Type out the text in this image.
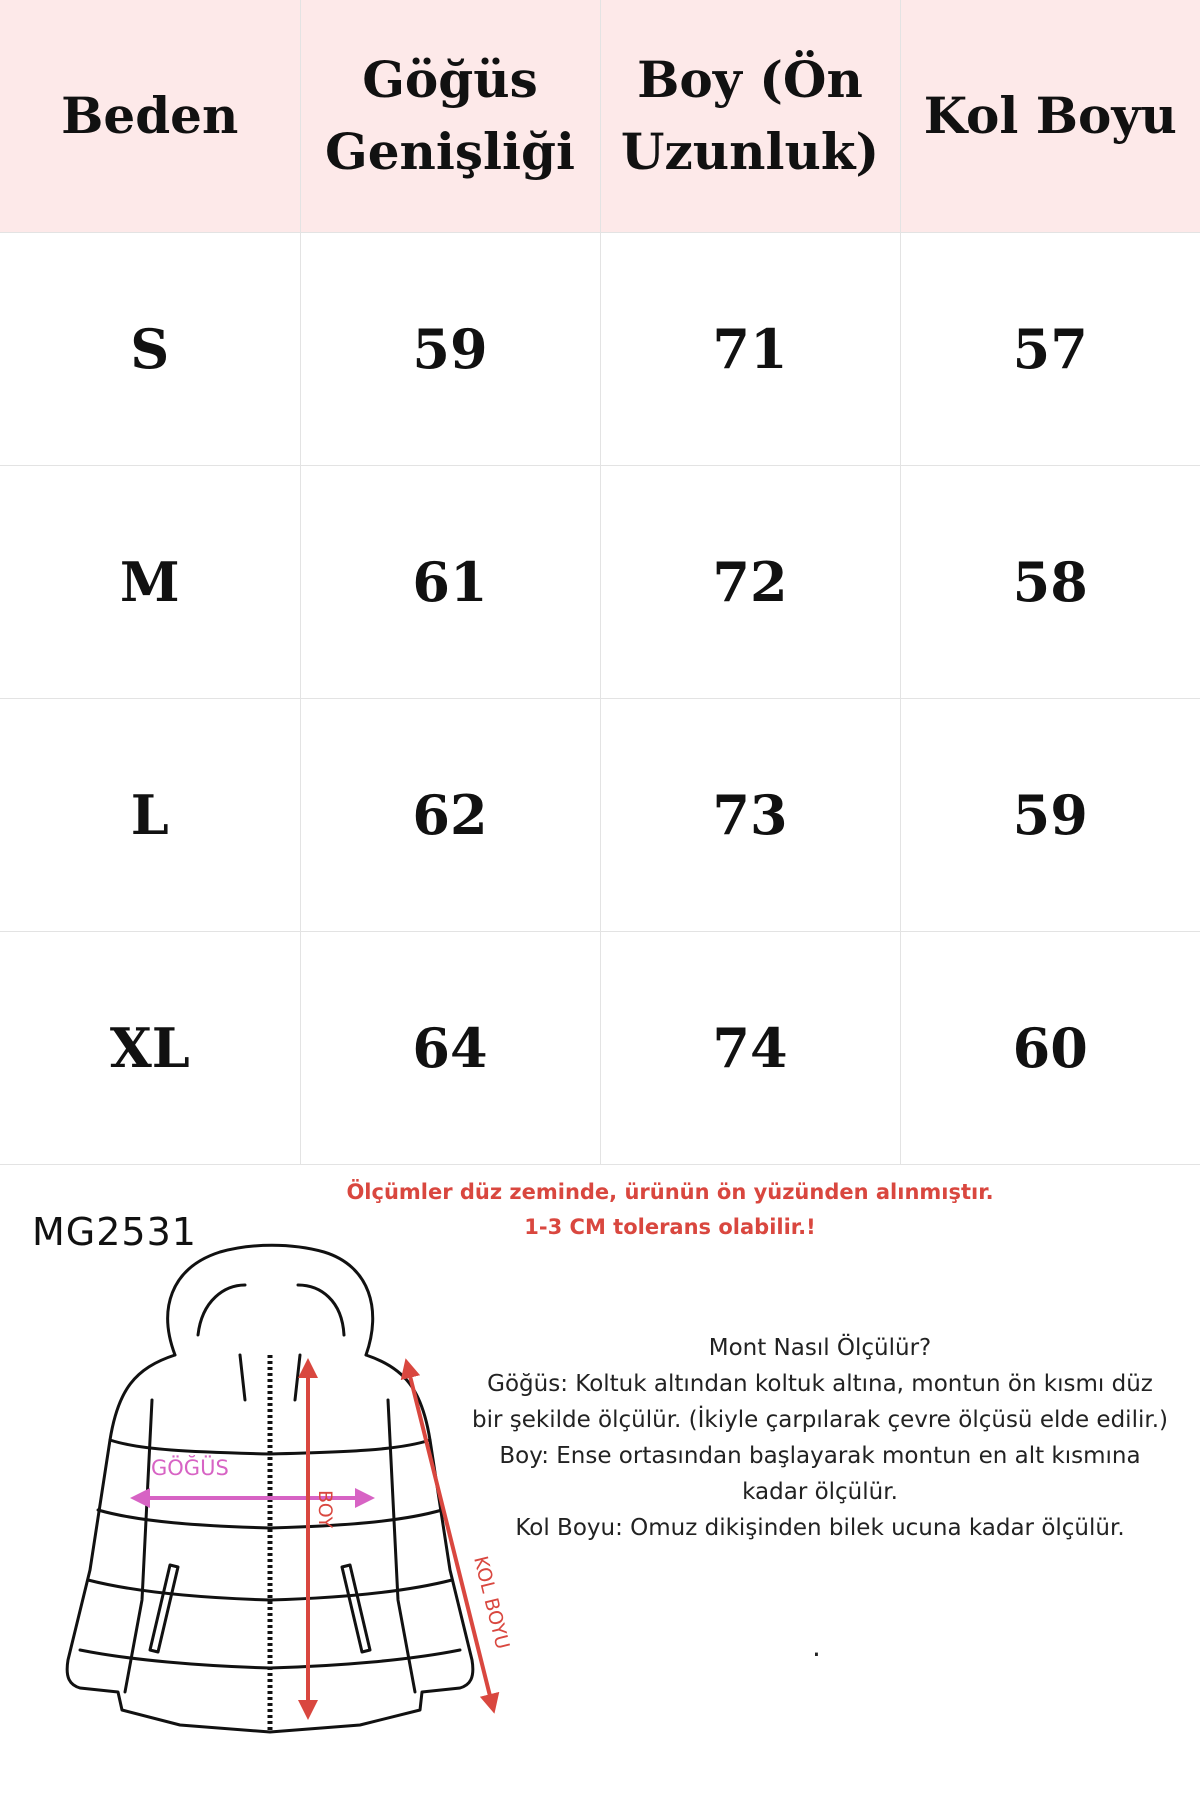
Beden	Göğüs Genişliği	Boy (Ön Uzunluk)	Kol Boyu
S	59	71	57
M	61	72	58
L	62	73	59
XL	64	74	60
Ölçümler düz zeminde, ürünün ön yüzünden alınmıştır.
1-3 CM tolerans olabilir.!
MG2531
GÖĞÜS
BOY
KOL BOYU

Mont Nasıl Ölçülür?

Göğüs: Koltuk altından koltuk altına, montun ön kısmı düz bir şekilde ölçülür. (İkiyle çarpılarak çevre ölçüsü elde edilir.)

Boy: Ense ortasından başlayarak montun en alt kısmına kadar ölçülür.

Kol Boyu: Omuz dikişinden bilek ucuna kadar ölçülür.

.
